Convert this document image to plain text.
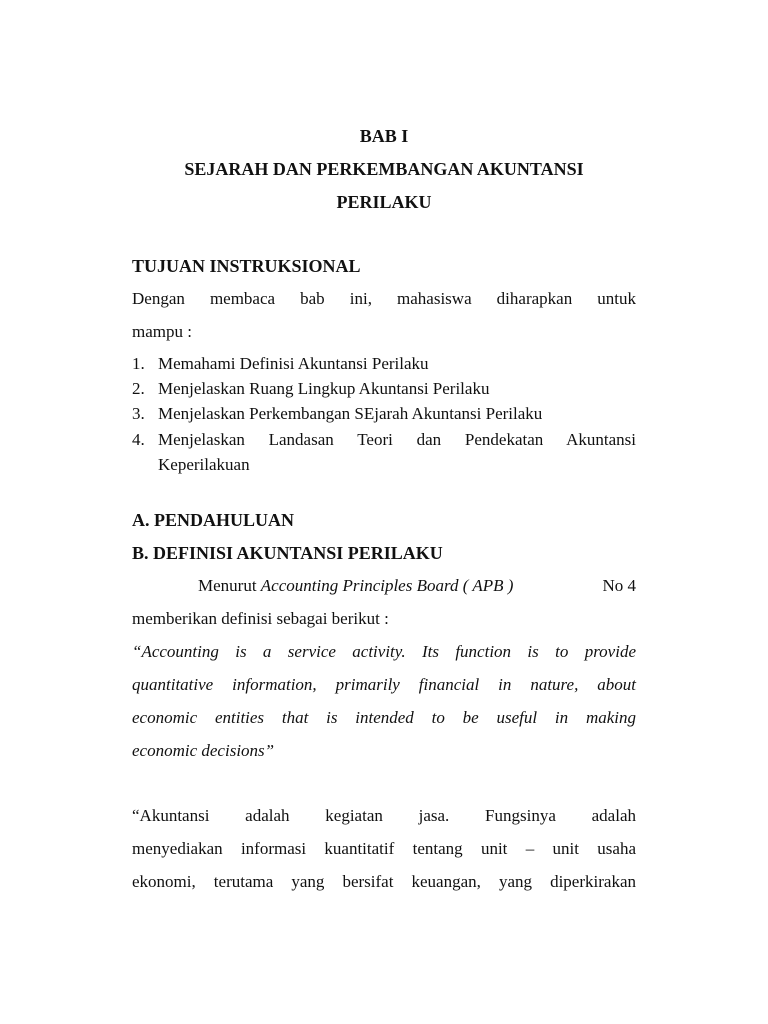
BAB I
SEJARAH DAN PERKEMBANGAN AKUNTANSI
PERILAKU
TUJUAN INSTRUKSIONAL
Dengan membaca bab ini, mahasiswa diharapkan untuk
mampu :
1. Memahami Definisi Akuntansi Perilaku
2. Menjelaskan Ruang Lingkup Akuntansi Perilaku
3. Menjelaskan Perkembangan SEjarah Akuntansi Perilaku
4. Menjelaskan Landasan Teori dan Pendekatan Akuntansi
Keperilakuan
A. PENDAHULUAN
B. DEFINISI AKUNTANSI PERILAKU
Menurut Accounting Principles Board ( APB )	No 4
memberikan definisi sebagai berikut :
“Accounting is a service activity. Its function is to provide
quantitative information, primarily financial in nature, about
economic entities that is intended to be useful in making
economic decisions”
“Akuntansi adalah kegiatan jasa. Fungsinya adalah
menyediakan informasi kuantitatif tentang unit – unit usaha
ekonomi, terutama yang bersifat keuangan, yang diperkirakan
